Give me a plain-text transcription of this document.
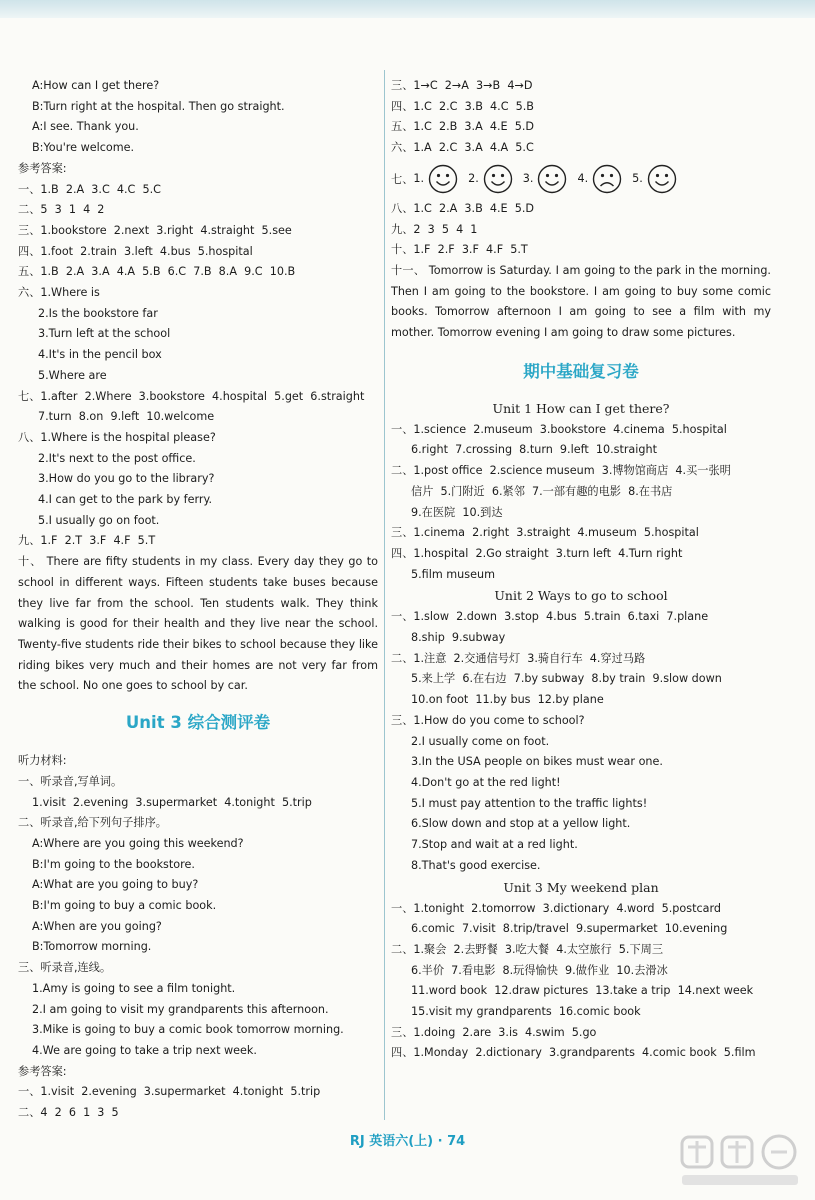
A:How can I get there?
B:Turn right at the hospital. Then go straight.
A:I see. Thank you.
B:You're welcome.
参考答案:
一、1.B  2.A  3.C  4.C  5.C
二、5  3  1  4  2
三、1.bookstore  2.next  3.right  4.straight  5.see
四、1.foot  2.train  3.left  4.bus  5.hospital
五、1.B  2.A  3.A  4.A  5.B  6.C  7.B  8.A  9.C  10.B
六、1.Where is
2.Is the bookstore far
3.Turn left at the school
4.It's in the pencil box
5.Where are
七、1.after  2.Where  3.bookstore  4.hospital  5.get  6.straight
7.turn  8.on  9.left  10.welcome
八、1.Where is the hospital please?
2.It's next to the post office.
3.How do you go to the library?
4.I can get to the park by ferry.
5.I usually go on foot.
九、1.F  2.T  3.F  4.F  5.T
十、 There are fifty students in my class. Every day they go to school in different ways. Fifteen students take buses because they live far from the school. Ten students walk. They think walking is good for their health and they live near the school. Twenty-five students ride their bikes to school because they like riding bikes very much and their homes are not very far from the school. No one goes to school by car.
Unit 3 综合测评卷
听力材料:
一、听录音,写单词。
1.visit  2.evening  3.supermarket  4.tonight  5.trip
二、听录音,给下列句子排序。
A:Where are you going this weekend?
B:I'm going to the bookstore.
A:What are you going to buy?
B:I'm going to buy a comic book.
A:When are you going?
B:Tomorrow morning.
三、听录音,连线。
1.Amy is going to see a film tonight.
2.I am going to visit my grandparents this afternoon.
3.Mike is going to buy a comic book tomorrow morning.
4.We are going to take a trip next week.
参考答案:
一、1.visit  2.evening  3.supermarket  4.tonight  5.trip
二、4  2  6  1  3  5
三、1→C  2→A  3→B  4→D
四、1.C  2.C  3.B  4.C  5.B
五、1.C  2.B  3.A  4.E  5.D
六、1.A  2.C  3.A  4.A  5.C
七、 1.	2.	3.	4.	5.
八、1.C  2.A  3.B  4.E  5.D
九、2  3  5  4  1
十、1.F  2.F  3.F  4.F  5.T
十一、 Tomorrow is Saturday. I am going to the park in the morning. Then I am going to the bookstore. I am going to buy some comic books. Tomorrow afternoon I am going to see a film with my mother. Tomorrow evening I am going to draw some pictures.
期中基础复习卷
Unit 1 How can I get there?
一、1.science  2.museum  3.bookstore  4.cinema  5.hospital
6.right  7.crossing  8.turn  9.left  10.straight
二、1.post office  2.science museum  3.博物馆商店  4.买一张明
信片  5.门附近  6.紧邻  7.一部有趣的电影  8.在书店
9.在医院  10.到达
三、1.cinema  2.right  3.straight  4.museum  5.hospital
四、1.hospital  2.Go straight  3.turn left  4.Turn right
5.film museum
Unit 2 Ways to go to school
一、1.slow  2.down  3.stop  4.bus  5.train  6.taxi  7.plane
8.ship  9.subway
二、1.注意  2.交通信号灯  3.骑自行车  4.穿过马路
5.来上学  6.在右边  7.by subway  8.by train  9.slow down
10.on foot  11.by bus  12.by plane
三、1.How do you come to school?
2.I usually come on foot.
3.In the USA people on bikes must wear one.
4.Don't go at the red light!
5.I must pay attention to the traffic lights!
6.Slow down and stop at a yellow light.
7.Stop and wait at a red light.
8.That's good exercise.
Unit 3 My weekend plan
一、1.tonight  2.tomorrow  3.dictionary  4.word  5.postcard
6.comic  7.visit  8.trip/travel  9.supermarket  10.evening
二、1.聚会  2.去野餐  3.吃大餐  4.太空旅行  5.下周三
6.半价  7.看电影  8.玩得愉快  9.做作业  10.去滑冰
11.word book  12.draw pictures  13.take a trip  14.next week
15.visit my grandparents  16.comic book
三、1.doing  2.are  3.is  4.swim  5.go
四、1.Monday  2.dictionary  3.grandparents  4.comic book  5.film
RJ 英语六(上) · 74
